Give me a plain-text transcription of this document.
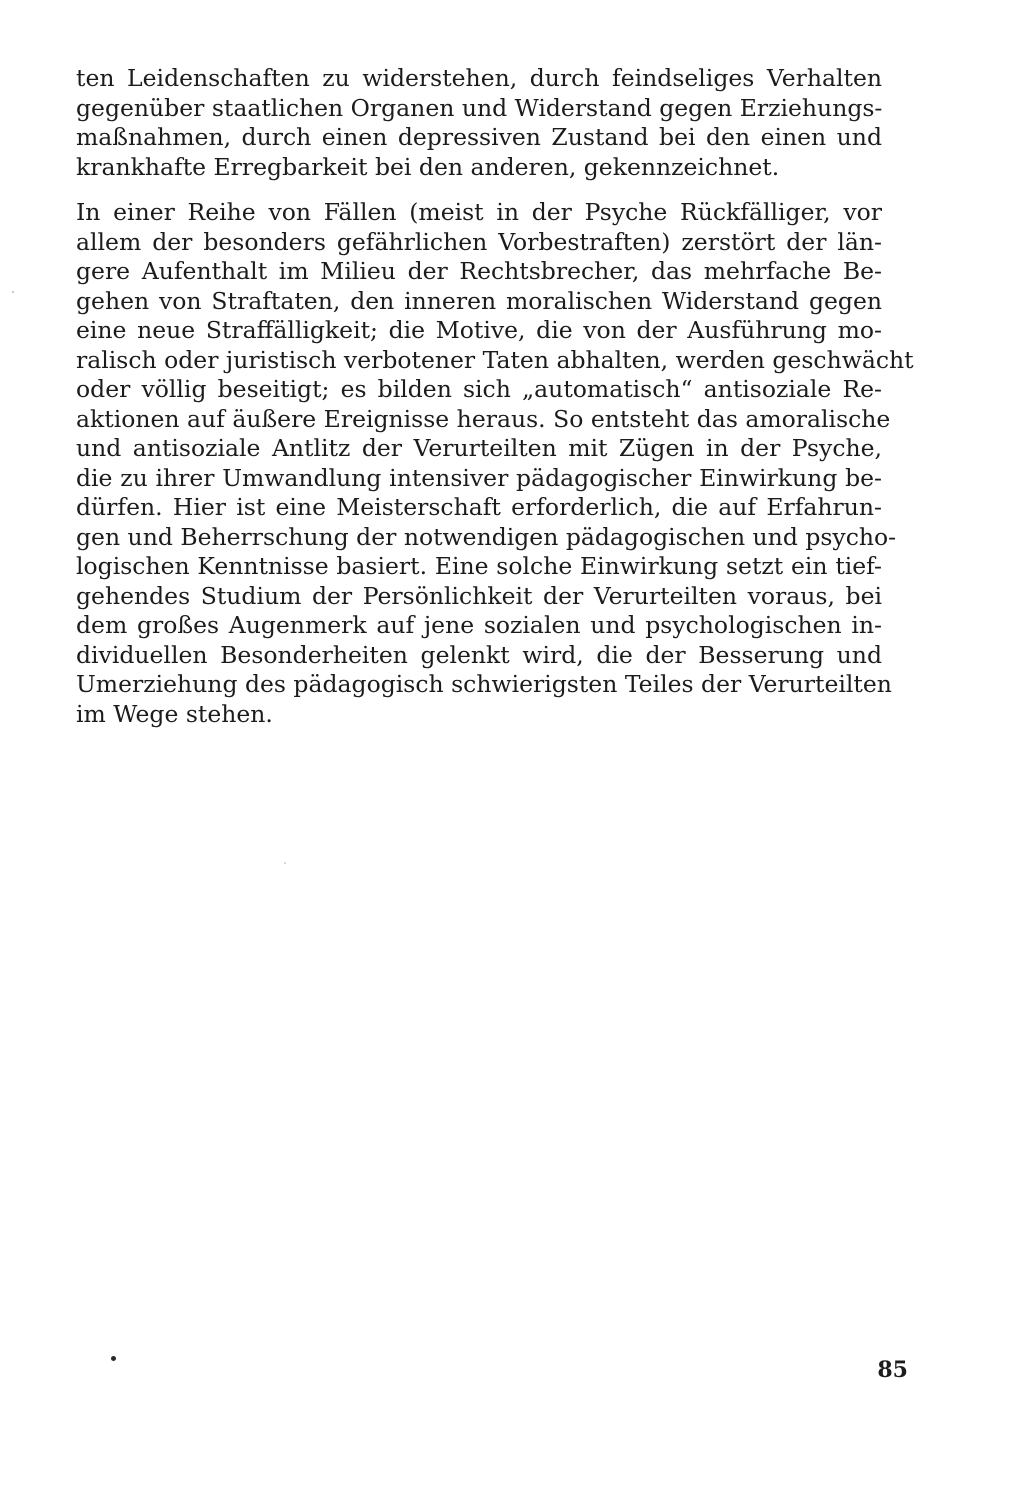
ten Leidenschaften zu widerstehen, durch feindseliges Verhalten
gegenüber staatlichen Organen und Widerstand gegen Erziehungs-
maßnahmen, durch einen depressiven Zustand bei den einen und
krankhafte Erregbarkeit bei den anderen, gekennzeichnet.
In einer Reihe von Fällen (meist in der Psyche Rückfälliger, vor
allem der besonders gefährlichen Vorbestraften) zerstört der län-
gere Aufenthalt im Milieu der Rechtsbrecher, das mehrfache Be-
gehen von Straftaten, den inneren moralischen Widerstand gegen
eine neue Straffälligkeit; die Motive, die von der Ausführung mo-
ralisch oder juristisch verbotener Taten abhalten, werden geschwächt
oder völlig beseitigt; es bilden sich „automatisch“ antisoziale Re-
aktionen auf äußere Ereignisse heraus. So entsteht das amoralische
und antisoziale Antlitz der Verurteilten mit Zügen in der Psyche,
die zu ihrer Umwandlung intensiver pädagogischer Einwirkung be-
dürfen. Hier ist eine Meisterschaft erforderlich, die auf Erfahrun-
gen und Beherrschung der notwendigen pädagogischen und psycho-
logischen Kenntnisse basiert. Eine solche Einwirkung setzt ein tief-
gehendes Studium der Persönlichkeit der Verurteilten voraus, bei
dem großes Augenmerk auf jene sozialen und psychologischen in-
dividuellen Besonderheiten gelenkt wird, die der Besserung und
Umerziehung des pädagogisch schwierigsten Teiles der Verurteilten
im Wege stehen.
85
